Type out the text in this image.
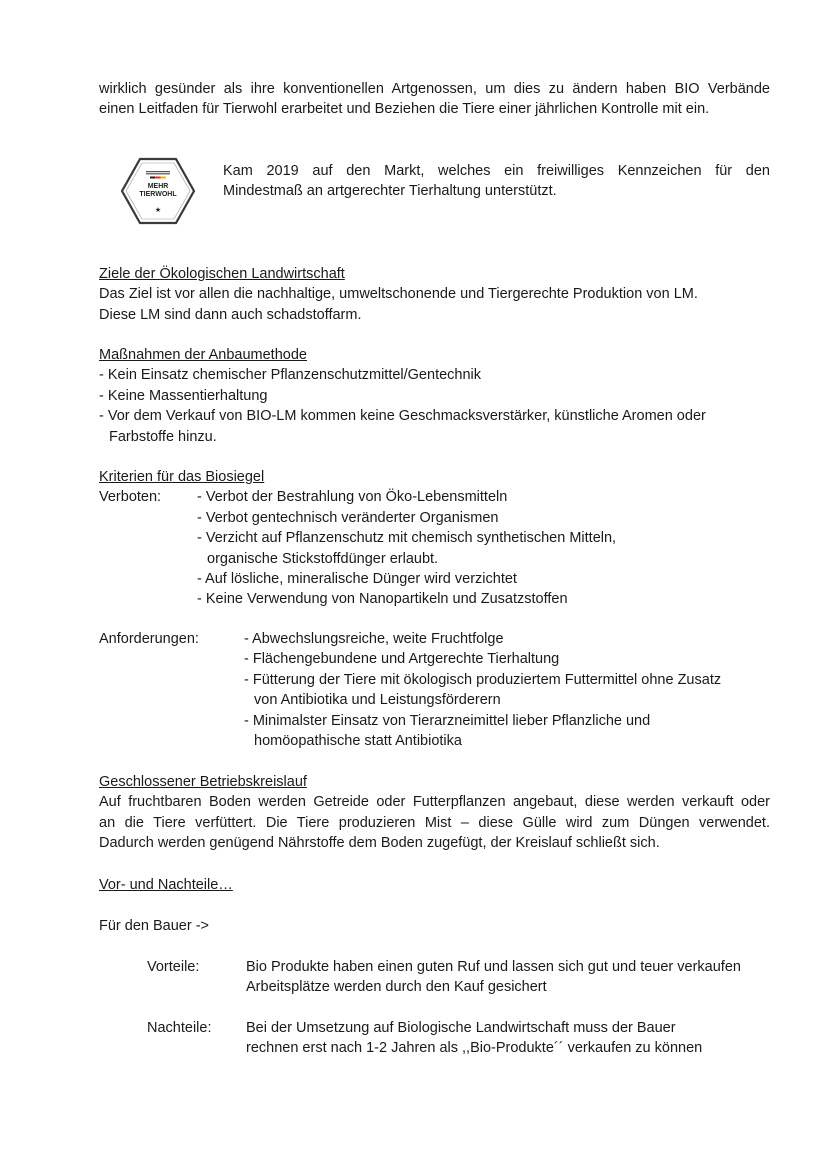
wirklich gesünder als ihre konventionellen Artgenossen, um dies zu ändern haben BIO Verbände

einen Leitfaden für Tierwohl erarbeitet und Beziehen die Tiere einer jährlichen Kontrolle mit ein.

MEHR
TIERWOHL
★

Kam 2019 auf den Markt, welches ein freiwilliges Kennzeichen für den

Mindestmaß an artgerechter Tierhaltung unterstützt.

Ziele der Ökologischen Landwirtschaft

Das Ziel ist vor allen die nachhaltige, umweltschonende und Tiergerechte Produktion von LM.

Diese LM sind dann auch schadstoffarm.

Maßnahmen der Anbaumethode

- Kein Einsatz chemischer Pflanzenschutzmittel/Gentechnik

- Keine Massentierhaltung

- Vor dem Verkauf von BIO-LM kommen keine Geschmacksverstärker, künstliche Aromen oder

Farbstoffe hinzu.

Kriterien für das Biosiegel

Verboten: - Verbot der Bestrahlung von Öko-Lebensmitteln

- Verbot gentechnisch veränderter Organismen

- Verzicht auf Pflanzenschutz mit chemisch synthetischen Mitteln,

organische Stickstoffdünger erlaubt.

- Auf lösliche, mineralische Dünger wird verzichtet

- Keine Verwendung von Nanopartikeln und Zusatzstoffen

Anforderungen:	- Abwechslungsreiche, weite Fruchtfolge

- Flächengebundene und Artgerechte Tierhaltung

- Fütterung der Tiere mit ökologisch produziertem Futtermittel ohne Zusatz

von Antibiotika und Leistungsförderern

- Minimalster Einsatz von Tierarzneimittel lieber Pflanzliche und

homöopathische statt Antibiotika

Geschlossener Betriebskreislauf

Auf fruchtbaren Boden werden Getreide oder Futterpflanzen angebaut, diese werden verkauft oder

an die Tiere verfüttert. Die Tiere produzieren Mist – diese Gülle wird zum Düngen verwendet.

Dadurch werden genügend Nährstoffe dem Boden zugefügt, der Kreislauf schließt sich.

Vor- und Nachteile…

Für den Bauer ->

Vorteile:	Bio Produkte haben einen guten Ruf und lassen sich gut und teuer verkaufen

Arbeitsplätze werden durch den Kauf gesichert

Nachteile: Bei der Umsetzung auf Biologische Landwirtschaft muss der Bauer

rechnen erst nach 1-2 Jahren als ,,Bio-Produkte´´ verkaufen zu können
